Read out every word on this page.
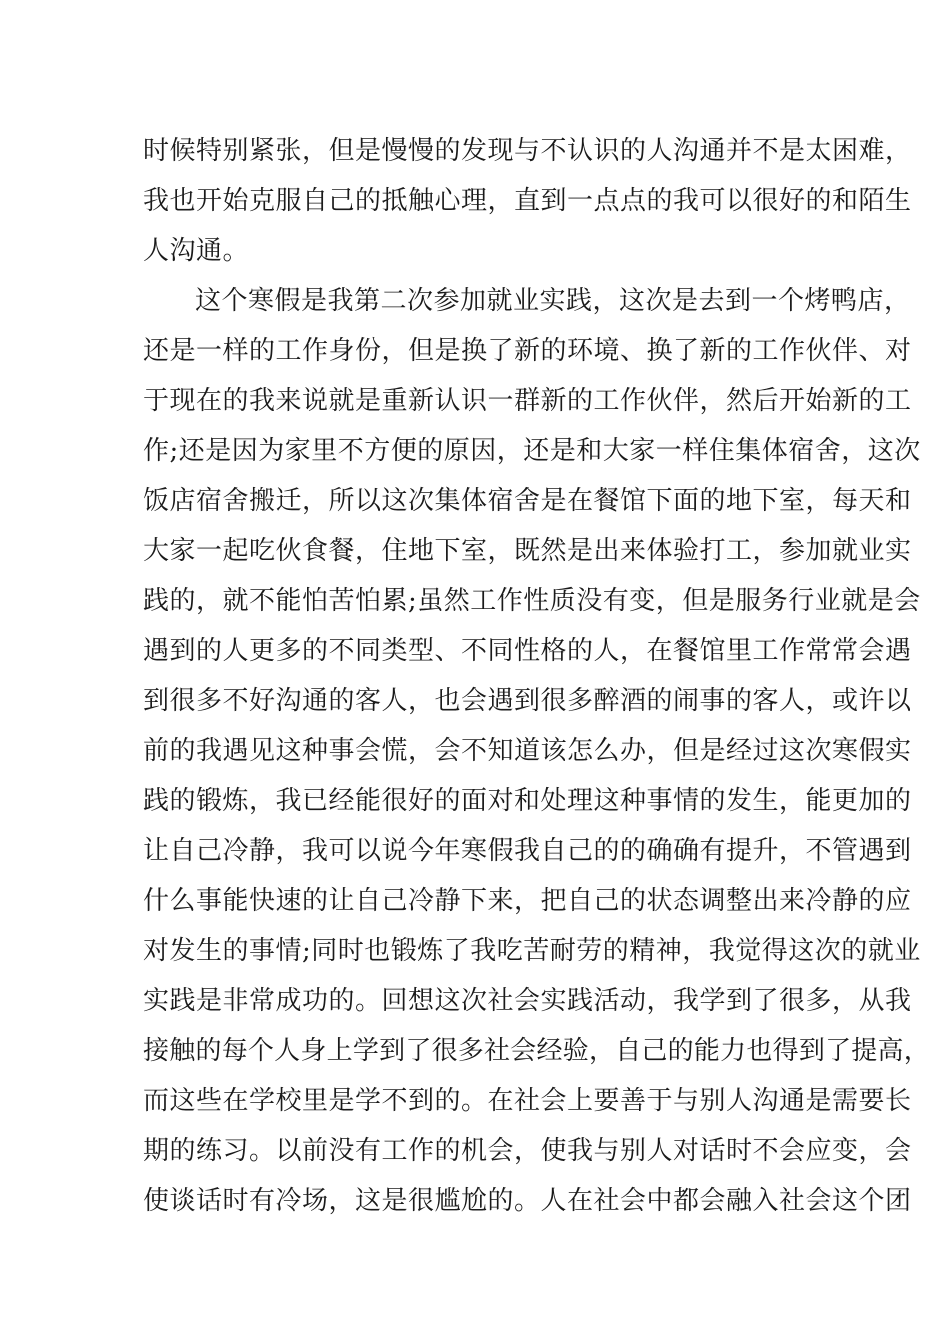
时候特别紧张，但是慢慢的发现与不认识的人沟通并不是太困难，
我也开始克服自己的抵触心理，直到一点点的我可以很好的和陌生
人沟通。
这个寒假是我第二次参加就业实践，这次是去到一个烤鸭店，
还是一样的工作身份，但是换了新的环境、换了新的工作伙伴、对
于现在的我来说就是重新认识一群新的工作伙伴，然后开始新的工
作;还是因为家里不方便的原因，还是和大家一样住集体宿舍，这次
饭店宿舍搬迁，所以这次集体宿舍是在餐馆下面的地下室，每天和
大家一起吃伙食餐，住地下室，既然是出来体验打工，参加就业实
践的，就不能怕苦怕累;虽然工作性质没有变，但是服务行业就是会
遇到的人更多的不同类型、不同性格的人，在餐馆里工作常常会遇
到很多不好沟通的客人，也会遇到很多醉酒的闹事的客人，或许以
前的我遇见这种事会慌，会不知道该怎么办，但是经过这次寒假实
践的锻炼，我已经能很好的面对和处理这种事情的发生，能更加的
让自己冷静，我可以说今年寒假我自己的的确确有提升，不管遇到
什么事能快速的让自己冷静下来，把自己的状态调整出来冷静的应
对发生的事情;同时也锻炼了我吃苦耐劳的精神，我觉得这次的就业
实践是非常成功的。回想这次社会实践活动，我学到了很多，从我
接触的每个人身上学到了很多社会经验，自己的能力也得到了提高，
而这些在学校里是学不到的。在社会上要善于与别人沟通是需要长
期的练习。以前没有工作的机会，使我与别人对话时不会应变，会
使谈话时有冷场，这是很尴尬的。人在社会中都会融入社会这个团
